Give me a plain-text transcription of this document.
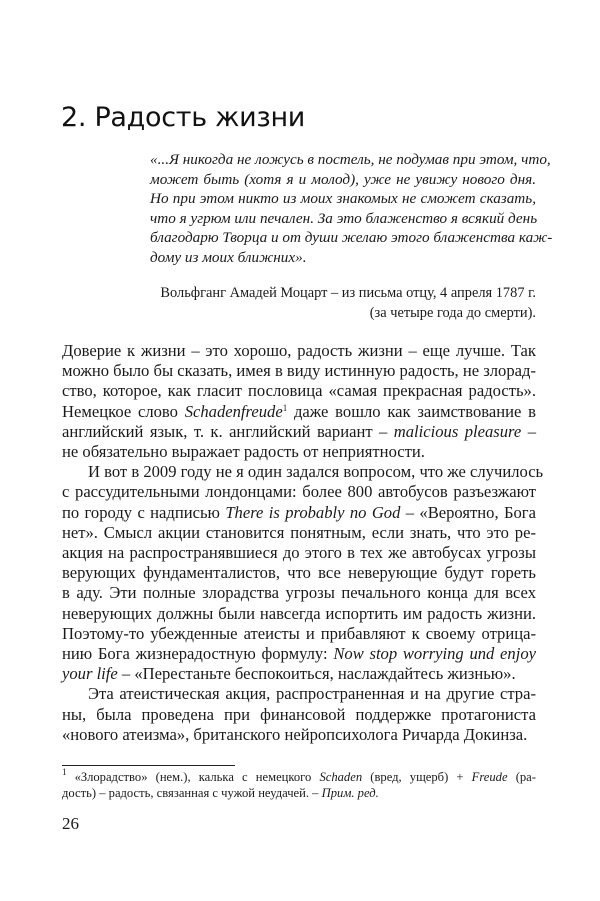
2. Радость жизни
«...Я никогда не ложусь в постель, не подумав при этом, что,
может быть (хотя я и молод), уже не увижу нового дня.
Но при этом никто из моих знакомых не сможет сказать,
что я угрюм или печален. За это блаженство я всякий день
благодарю Творца и от души желаю этого блаженства каж-
дому из моих ближних».
Вольфганг Амадей Моцарт – из письма отцу, 4 апреля 1787 г.
(за четыре года до смерти).
Доверие к жизни – это хорошо, радость жизни – еще лучше. Так
можно было бы сказать, имея в виду истинную радость, не злорад-
ство, которое, как гласит пословица «самая прекрасная радость».
Немецкое слово Schadenfreude$^1$ даже вошло как заимствование в
английский язык, т. к. английский вариант – malicious pleasure –
не обязательно выражает радость от неприятности.
И вот в 2009 году не я один задался вопросом, что же случилось
с рассудительными лондонцами: более 800 автобусов разъезжают
по городу с надписью There is probably no God – «Вероятно, Бога
нет». Смысл акции становится понятным, если знать, что это ре-
акция на распространявшиеся до этого в тех же автобусах угрозы
верующих фундаменталистов, что все неверующие будут гореть
в аду. Эти полные злорадства угрозы печального конца для всех
неверующих должны были навсегда испортить им радость жизни.
Поэтому-то убежденные атеисты и прибавляют к своему отрица-
нию Бога жизнерадостную формулу: Now stop worrying und enjoy
your life – «Перестаньте беспокоиться, наслаждайтесь жизнью».
Эта атеистическая акция, распространенная и на другие стра-
ны, была проведена при финансовой поддержке протагониста
«нового атеизма», британского нейропсихолога Ричарда Докинза.
$^1$ «Злорадство» (нем.), калька с немецкого Schaden (вред, ущерб) + Freude (ра-
дость) – радость, связанная с чужой неудачей. – Прим. ред.
26
